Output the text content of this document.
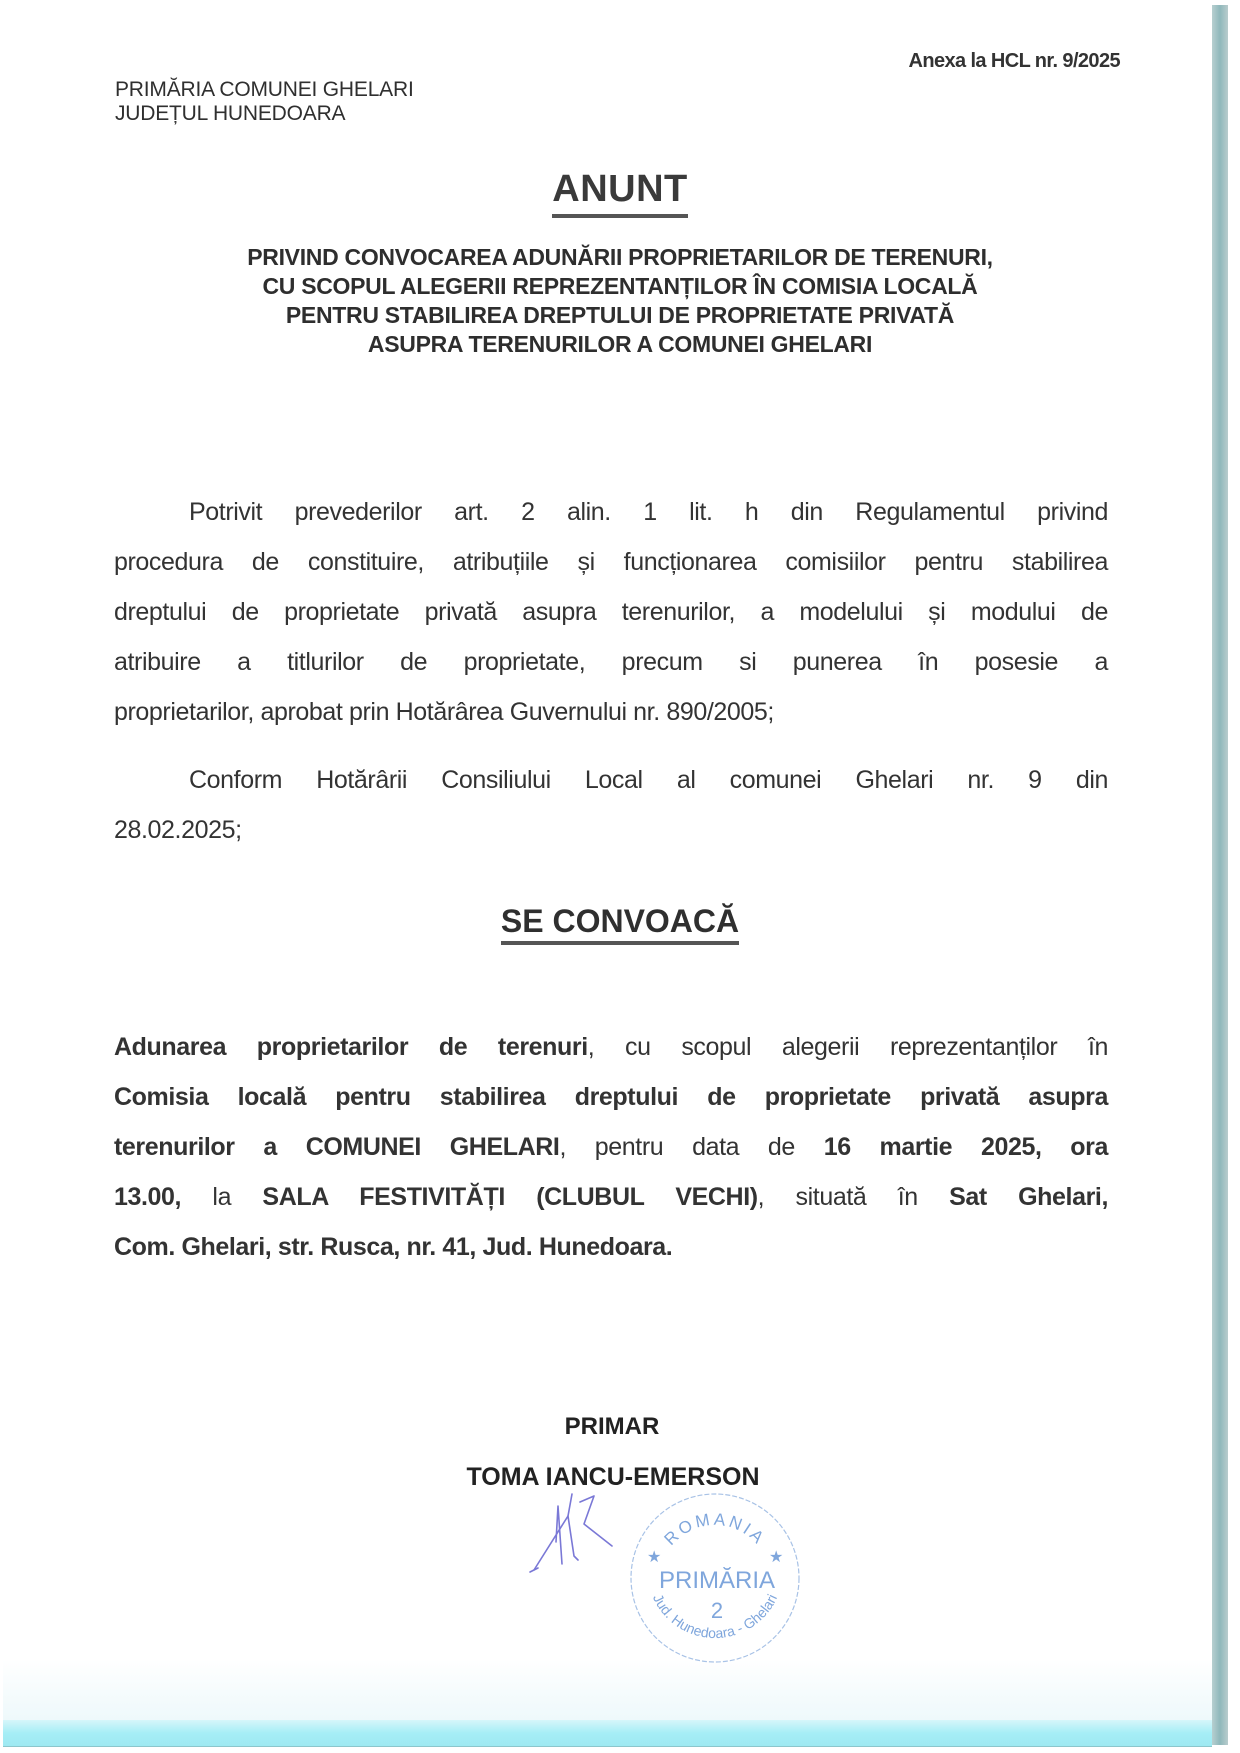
Anexa la HCL nr. 9/2025
PRIMĂRIA COMUNEI GHELARI
JUDEȚUL HUNEDOARA
ANUNT
PRIVIND CONVOCAREA ADUNĂRII PROPRIETARILOR DE TERENURI,
CU SCOPUL ALEGERII REPREZENTANȚILOR ÎN COMISIA LOCALĂ
PENTRU STABILIREA DREPTULUI DE PROPRIETATE PRIVATĂ
ASUPRA TERENURILOR A COMUNEI GHELARI
Potrivit prevederilor art. 2 alin. 1 lit. h din Regulamentul privind
procedura de constituire, atribuțiile și funcționarea comisiilor pentru stabilirea
dreptului de proprietate privată asupra terenurilor, a modelului și modului de
atribuire a titlurilor de proprietate, precum si punerea în posesie a
proprietarilor, aprobat prin Hotărârea Guvernului nr. 890/2005;
Conform Hotărârii Consiliului Local al comunei Ghelari nr. 9 din
28.02.2025;
SE CONVOACĂ
Adunarea proprietarilor de terenuri, cu scopul alegerii reprezentanților în
Comisia locală pentru stabilirea dreptului de proprietate privată asupra
terenurilor a COMUNEI GHELARI, pentru data de 16 martie 2025, ora
13.00, la SALA FESTIVITĂȚI (CLUBUL VECHI), situată în Sat Ghelari,
Com. Ghelari, str. Rusca, nr. 41, Jud. Hunedoara.
PRIMAR
TOMA IANCU-EMERSON
ROMANIA
★	★
PRIMĂRIA
2
Jud. Hunedoara - Ghelari
